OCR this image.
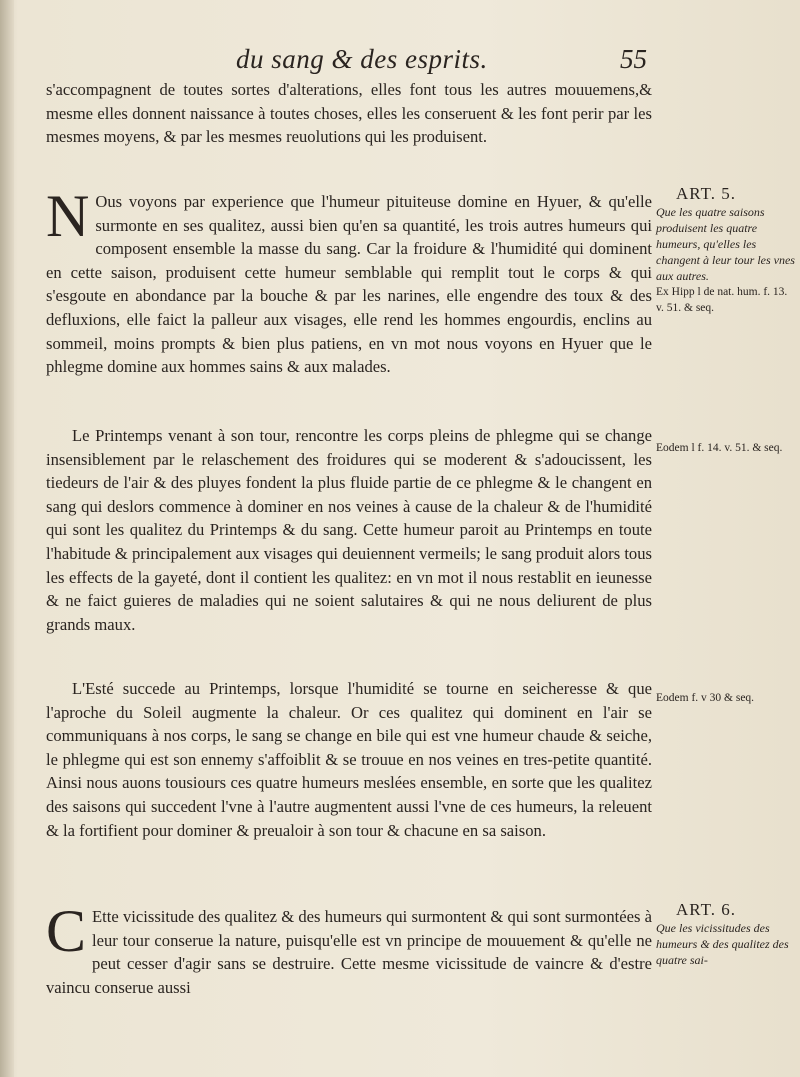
du sang & des esprits.	55

s'accompagnent de toutes sortes d'alterations, elles font tous les autres mouuemens,& mesme elles donnent naissance à toutes choses, elles les conseruent & les font perir par les mesmes moyens, & par les mesmes reuolutions qui les produisent.

N Ous voyons par experience que l'humeur pituiteuse domine en Hyuer, & qu'elle surmonte en ses qualitez, aussi bien qu'en sa quantité, les trois autres humeurs qui composent ensemble la masse du sang. Car la froidure & l'humidité qui dominent en cette saison, produisent cette humeur semblable qui remplit tout le corps & qui s'esgoute en abondance par la bouche & par les narines, elle engendre des toux & des defluxions, elle faict la palleur aux visages, elle rend les hommes engourdis, enclins au sommeil, moins prompts & bien plus patiens, en vn mot nous voyons en Hyuer que le phlegme domine aux hommes sains & aux malades.

Le Printemps venant à son tour, rencontre les corps pleins de phlegme qui se change insensiblement par le relaschement des froidures qui se moderent & s'adoucissent, les tiedeurs de l'air & des pluyes fondent la plus fluide partie de ce phlegme & le changent en sang qui deslors commence à dominer en nos veines à cause de la chaleur & de l'humidité qui sont les qualitez du Printemps & du sang. Cette humeur paroit au Printemps en toute l'habitude & principalement aux visages qui deuiennent vermeils; le sang produit alors tous les effects de la gayeté, dont il contient les qualitez: en vn mot il nous restablit en ieunesse & ne faict guieres de maladies qui ne soient salutaires & qui ne nous deliurent de plus grands maux.

L'Esté succede au Printemps, lorsque l'humidité se tourne en seicheresse & que l'aproche du Soleil augmente la chaleur. Or ces qualitez qui dominent en l'air se communiquans à nos corps, le sang se change en bile qui est vne humeur chaude & seiche, le phlegme qui est son ennemy s'affoiblit & se trouue en nos veines en tres-petite quantité. Ainsi nous auons tousiours ces quatre humeurs meslées ensemble, en sorte que les qualitez des saisons qui succedent l'vne à l'autre augmentent aussi l'vne de ces humeurs, la releuent & la fortifient pour dominer & preualoir à son tour & chacune en sa saison.

C Ette vicissitude des qualitez & des humeurs qui surmontent & qui sont surmontées à leur tour conserue la nature, puisqu'elle est vn principe de mouuement & qu'elle ne peut cesser d'agir sans se destruire. Cette mesme vicissitude de vaincre & d'estre vaincu conserue aussi

ART. 5.
Que les quatre saisons produisent les quatre humeurs, qu'elles les changent à leur tour les vnes aux autres.
Ex Hipp l de nat. hum. f. 13. v. 51. & seq.
Eodem l f. 14. v. 51. & seq.
Eodem f. v 30 & seq.
ART. 6.
Que les vicissitudes des humeurs & des qualitez des quatre sai-
